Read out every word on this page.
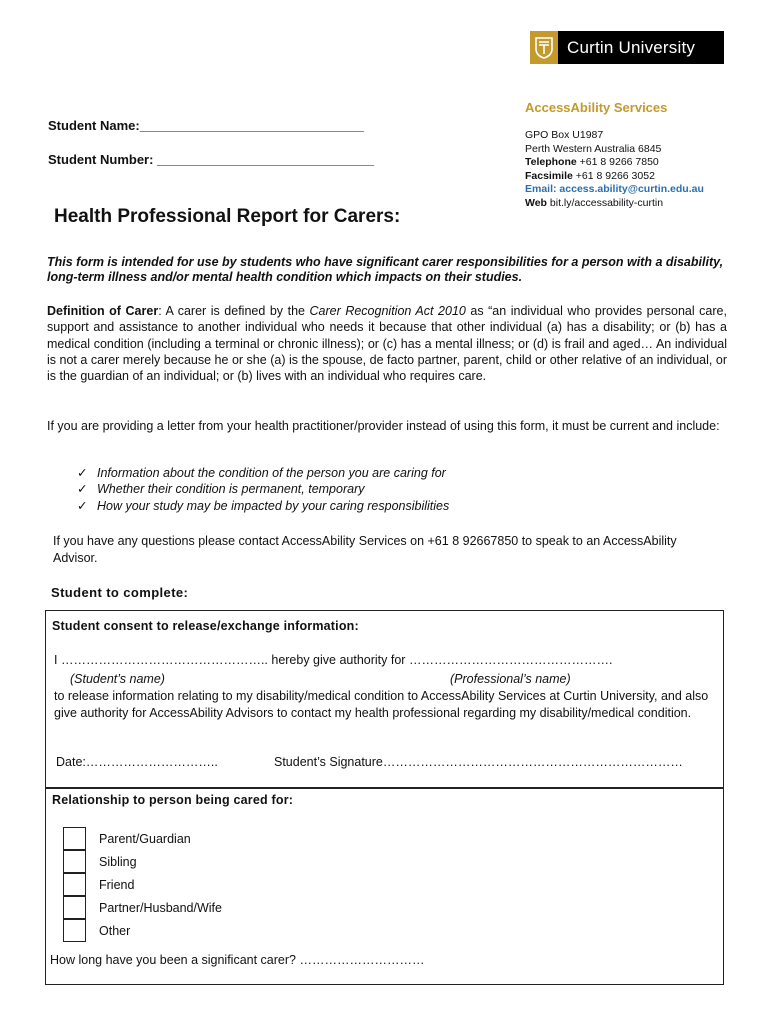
Curtin University
AccessAbility Services
GPO Box U1987
Perth Western Australia 6845
Telephone +61 8 9266 7850
Facsimile +61 8 9266 3052
Email: access.ability@curtin.edu.au
Web bit.ly/accessability-curtin
Student Name:_______________________________
Student Number: ______________________________
Health Professional Report for Carers:
This form is intended for use by students who have significant carer responsibilities for a person with a disability, long-term illness and/or mental health condition which impacts on their studies.
Definition of Carer: A carer is defined by the Carer Recognition Act 2010 as “an individual who provides personal care, support and assistance to another individual who needs it because that other individual (a) has a disability; or (b) has a medical condition (including a terminal or chronic illness); or (c) has a mental illness; or (d) is frail and aged… An individual is not a carer merely because he or she (a) is the spouse, de facto partner, parent, child or other relative of an individual, or is the guardian of an individual; or (b) lives with an individual who requires care.
If you are providing a letter from your health practitioner/provider instead of using this form, it must be current and include:
✓ Information about the condition of the person you are caring for
✓ Whether their condition is permanent, temporary
✓ How your study may be impacted by your caring responsibilities
If you have any questions please contact AccessAbility Services on +61 8 92667850 to speak to an AccessAbility Advisor.
Student to complete:
Student consent to release/exchange information:
I ………………………………………….. hereby give authority for ………………………………………….
(Student’s name)	(Professional’s name)
to release information relating to my disability/medical condition to AccessAbility Services at Curtin University, and also give authority for AccessAbility Advisors to contact my health professional regarding my disability/medical condition.
Date:…………………………..	Student’s Signature………………………………………………………………
Relationship to person being cared for:
Parent/Guardian
Sibling
Friend
Partner/Husband/Wife
Other
How long have you been a significant carer? …………………………
